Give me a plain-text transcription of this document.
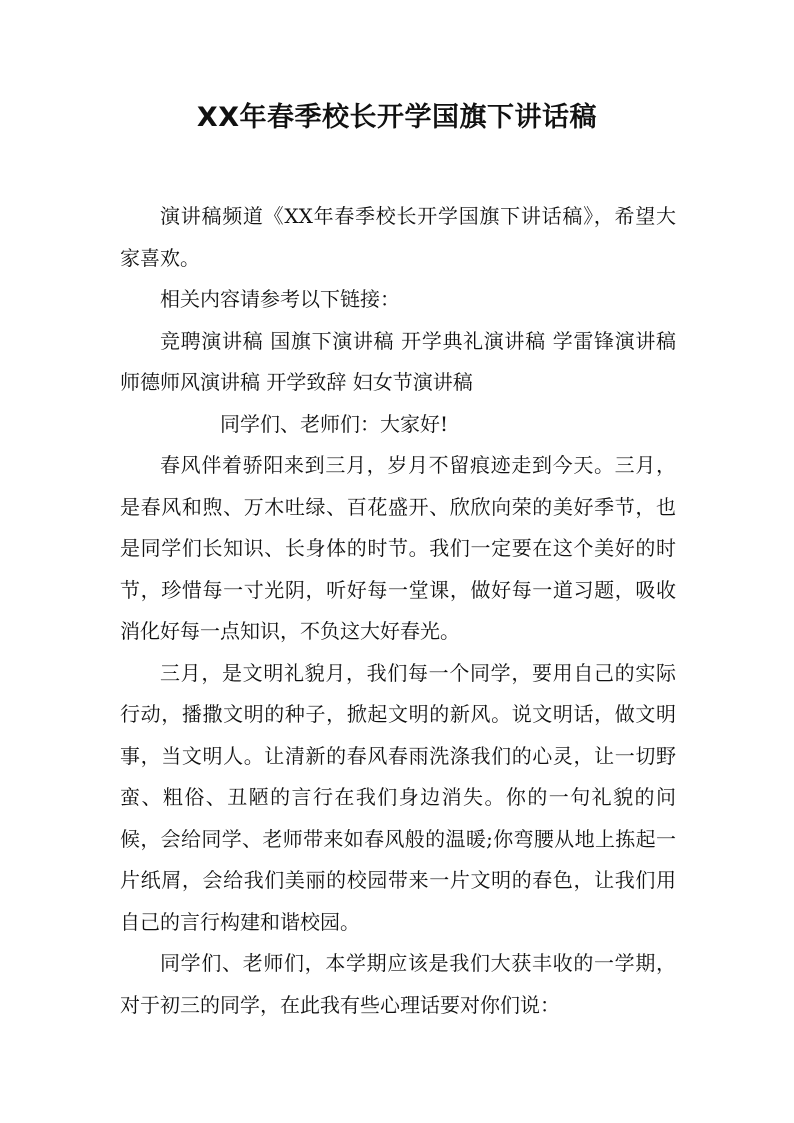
XX年春季校长开学国旗下讲话稿

演讲稿频道《XX年春季校长开学国旗下讲话稿》，希望大家喜欢。

相关内容请参考以下链接：

竞聘演讲稿 国旗下演讲稿 开学典礼演讲稿 学雷锋演讲稿 师德师风演讲稿 开学致辞 妇女节演讲稿

同学们、老师们：大家好!

春风伴着骄阳来到三月，岁月不留痕迹走到今天。三月，是春风和煦、万木吐绿、百花盛开、欣欣向荣的美好季节，也是同学们长知识、长身体的时节。我们一定要在这个美好的时节，珍惜每一寸光阴，听好每一堂课，做好每一道习题，吸收消化好每一点知识，不负这大好春光。

三月，是文明礼貌月，我们每一个同学，要用自己的实际行动，播撒文明的种子，掀起文明的新风。说文明话，做文明事，当文明人。让清新的春风春雨洗涤我们的心灵，让一切野蛮、粗俗、丑陋的言行在我们身边消失。你的一句礼貌的问候，会给同学、老师带来如春风般的温暖;你弯腰从地上拣起一片纸屑，会给我们美丽的校园带来一片文明的春色，让我们用自己的言行构建和谐校园。

同学们、老师们，本学期应该是我们大获丰收的一学期，对于初三的同学，在此我有些心理话要对你们说：
